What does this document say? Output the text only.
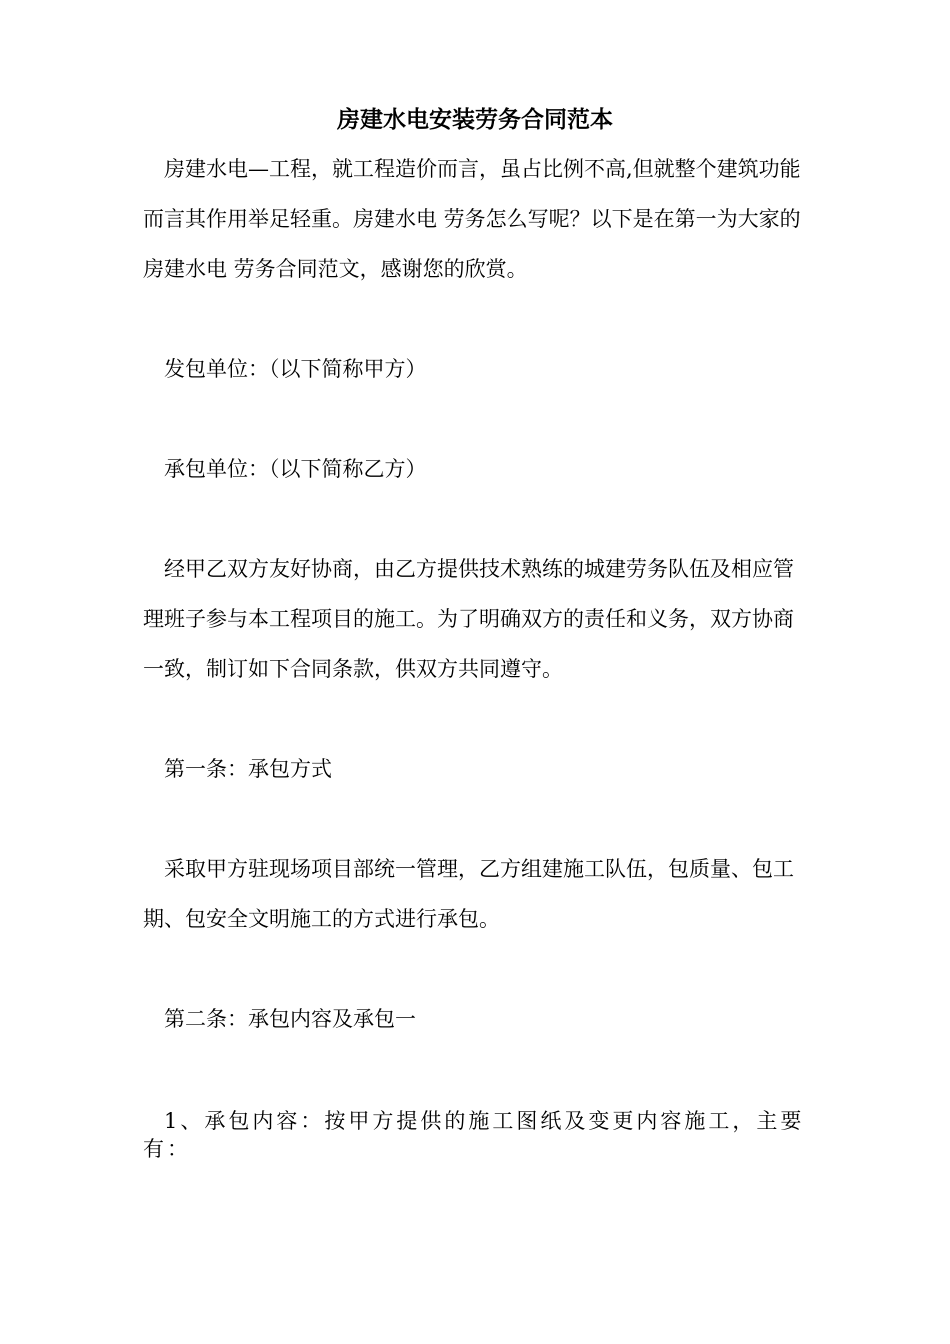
房建水电安装劳务合同范本

房建水电—工程，就工程造价而言，虽占比例不高,但就整个建筑功能而言其作用举足轻重。房建水电 劳务怎么写呢？以下是在第一为大家的房建水电 劳务合同范文，感谢您的欣赏。

发包单位：（以下简称甲方）

承包单位：（以下简称乙方）

经甲乙双方友好协商，由乙方提供技术熟练的城建劳务队伍及相应管理班子参与本工程项目的施工。为了明确双方的责任和义务，双方协商一致，制订如下合同条款，供双方共同遵守。

第一条：承包方式

采取甲方驻现场项目部统一管理，乙方组建施工队伍，包质量、包工期、包安全文明施工的方式进行承包。

第二条：承包内容及承包一

1、承包内容：按甲方提供的施工图纸及变更内容施工，主要有：
